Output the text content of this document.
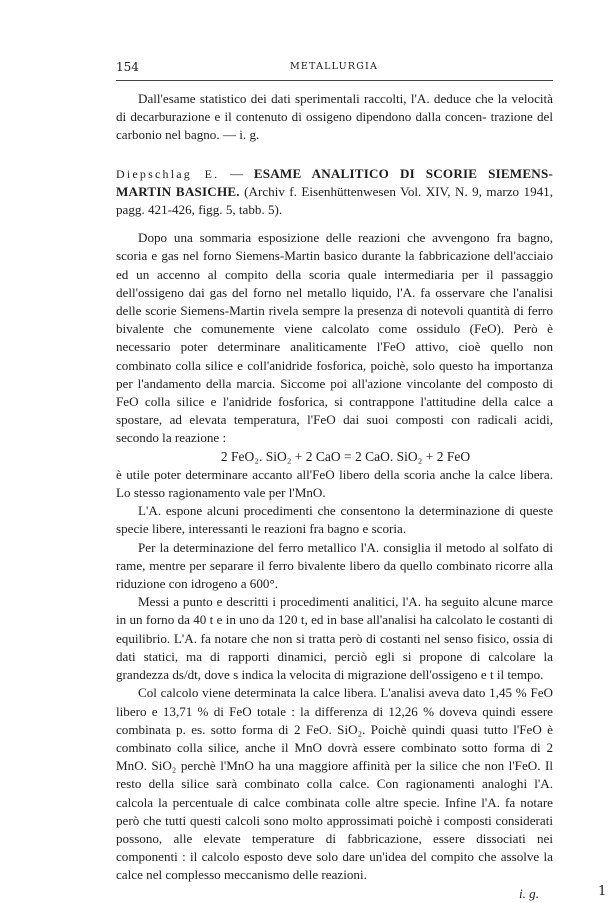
154	METALLURGIA

Dall'esame statistico dei dati sperimentali raccolti, l'A. deduce che la velocità di decarburazione e il contenuto di ossigeno dipendono dalla concen- trazione del carbonio nel bagno. — i. g.

Diepschlag E. — ESAME ANALITICO DI SCORIE SIEMENS-MARTIN BASICHE. (Archiv f. Eisenhüttenwesen Vol. XIV, N. 9, marzo 1941, pagg. 421-426, figg. 5, tabb. 5).

Dopo una sommaria esposizione delle reazioni che avvengono fra bagno, scoria e gas nel forno Siemens-Martin basico durante la fabbricazione dell'acciaio ed un accenno al compito della scoria quale intermediaria per il passaggio dell'ossigeno dai gas del forno nel metallo liquido, l'A. fa osservare che l'analisi delle scorie Siemens-Martin rivela sempre la presenza di notevoli quantità di ferro bivalente che comunemente viene calcolato come ossidulo (FeO). Però è necessario poter determinare analiticamente l'FeO attivo, cioè quello non combinato colla silice e coll'anidride fosforica, poichè, solo questo ha importanza per l'andamento della marcia. Siccome poi all'azione vincolante del composto di FeO colla silice e l'anidride fosforica, si contrappone l'attitudine della calce a spostare, ad elevata temperatura, l'FeO dai suoi composti con radicali acidi, secondo la reazione :

2 FeO₂. SiO₂ + 2 CaO = 2 CaO. SiO₂ + 2 FeO

è utile poter determinare accanto all'FeO libero della scoria anche la calce libera. Lo stesso ragionamento vale per l'MnO.

L'A. espone alcuni procedimenti che consentono la determinazione di queste specie libere, interessanti le reazioni fra bagno e scoria.

Per la determinazione del ferro metallico l'A. consiglia il metodo al solfato di rame, mentre per separare il ferro bivalente libero da quello combinato ricorre alla riduzione con idrogeno a 600°.

Messi a punto e descritti i procedimenti analitici, l'A. ha seguito alcune marce in un forno da 40 t e in uno da 120 t, ed in base all'analisi ha calcolato le costanti di equilibrio. L'A. fa notare che non si tratta però di costanti nel senso fisico, ossia di dati statici, ma di rapporti dinamici, perciò egli si propone di calcolare la grandezza ds/dt, dove s indica la velocita di migrazione dell'ossigeno e t il tempo.

Col calcolo viene determinata la calce libera. L'analisi aveva dato 1,45 % FeO libero e 13,71 % di FeO totale : la differenza di 12,26 % doveva quindi essere combinata p. es. sotto forma di 2 FeO. SiO₂. Poichè quindi quasi tutto l'FeO è combinato colla silice, anche il MnO dovrà essere combinato sotto forma di 2 MnO. SiO₂ perchè l'MnO ha una maggiore affinità per la silice che non l'FeO. Il resto della silice sarà combinato colla calce. Con ragionamenti analoghi l'A. calcola la percentuale di calce combinata colle altre specie. Infine l'A. fa notare però che tutti questi calcoli sono molto approssimati poichè i composti considerati possono, alle elevate temperature di fabbricazione, essere dissociati nei componenti : il calcolo esposto deve solo dare un'idea del compito che assolve la calce nel complesso meccanismo delle reazioni.

i. g.	1
